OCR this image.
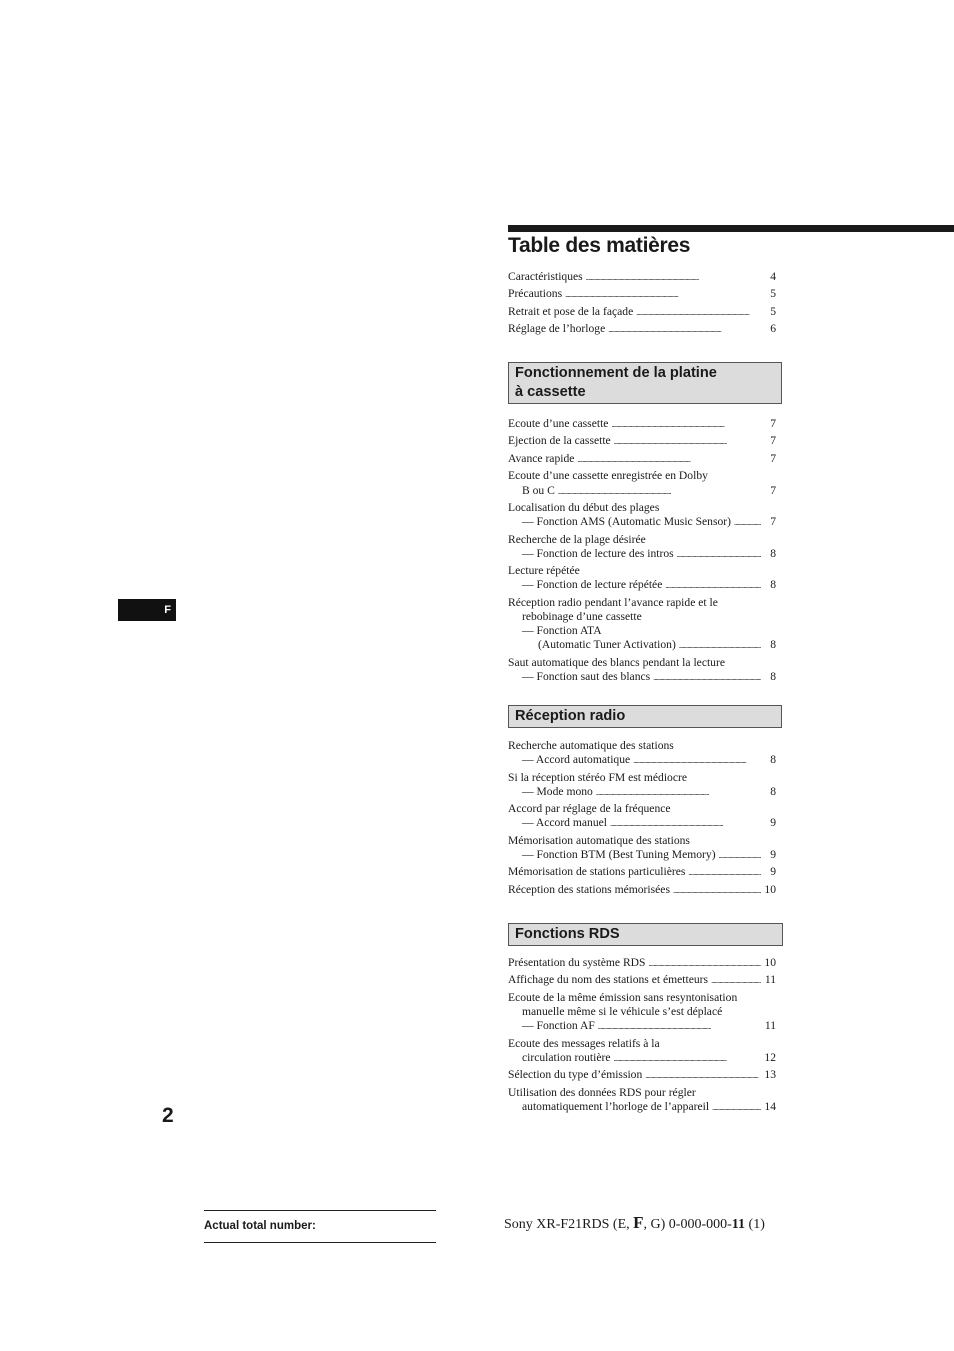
Table des matières
Caractéristiques . . .	4
Précautions . . .	5
Retrait et pose de la façade . . .	5
Réglage de l’horloge . . .	6
Fonctionnement de la platine
à cassette
Ecoute d’une cassette . . .	7
Ejection de la cassette . . .	7
Avance rapide . . .	7
Ecoute d’une cassette enregistrée en Dolby
B ou C . . .	7
Localisation du début des plages
— Fonction AMS (Automatic Music Sensor) . . .	7
Recherche de la plage désirée
— Fonction de lecture des intros . . .	8
Lecture répétée
— Fonction de lecture répétée . . .	8
Réception radio pendant l’avance rapide et le
rebobinage d’une cassette
— Fonction ATA
(Automatic Tuner Activation) . . .	8
Saut automatique des blancs pendant la lecture
— Fonction saut des blancs . . .	8
Réception radio
Recherche automatique des stations
— Accord automatique . . .	8
Si la réception stéréo FM est médiocre
— Mode mono . . .	8
Accord par réglage de la fréquence
— Accord manuel . . .	9
Mémorisation automatique des stations
— Fonction BTM (Best Tuning Memory) . . .	9
Mémorisation de stations particulières . . .	9
Réception des stations mémorisées . . .	10
Fonctions RDS
Présentation du système RDS . . .	10
Affichage du nom des stations et émetteurs . . .	11
Ecoute de la même émission sans resyntonisation
manuelle même si le véhicule s’est déplacé
— Fonction AF . . .	11
Ecoute des messages relatifs à la
circulation routière . . .	12
Sélection du type d’émission . . .	13
Utilisation des données RDS pour régler
automatiquement l’horloge de l’appareil . . .	14
F
2
Actual total number:	Sony XR-F21RDS (E, F, G) 0-000-000-11 (1)
